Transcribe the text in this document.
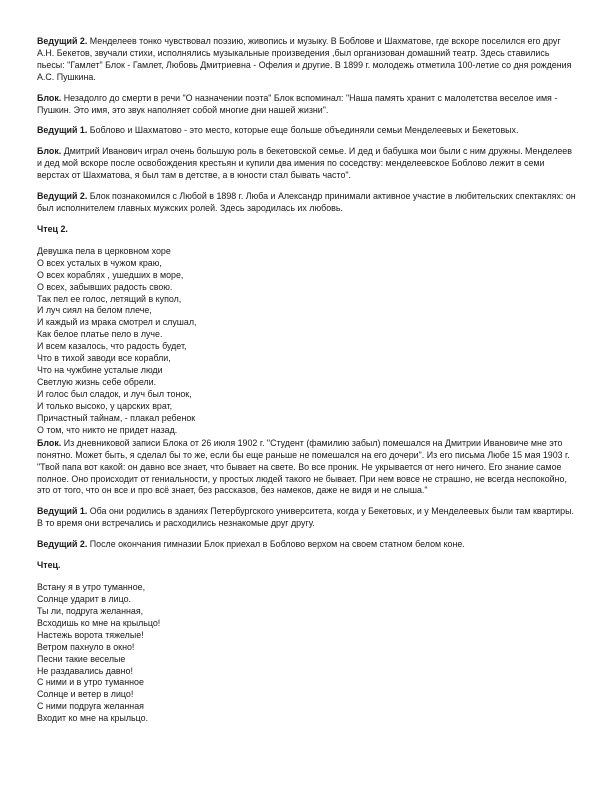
Ведущий 2. Менделеев тонко чувствовал поэзию, живопись и музыку. В Боблове и Шахматове, где вскоре поселился его друг А.Н. Бекетов, звучали стихи, исполнялись музыкальные произведения ,был организован домашний театр. Здесь ставились пьесы: "Гамлет" Блок - Гамлет, Любовь Дмитриевна - Офелия и другие. В 1899 г. молодежь отметила 100-летие со дня рождения А.С. Пушкина.

Блок. Незадолго до смерти в речи "О назначении поэта" Блок вспоминал: "Наша память хранит с малолетства веселое имя - Пушкин. Это имя, это звук наполняет собой многие дни нашей жизни".

Ведущий 1. Боблово и Шахматово - это место, которые еще больше объединяли семьи Менделеевых и Бекетовых.

Блок. Дмитрий Иванович играл очень большую роль в бекетовской семье. И дед и бабушка мои были с ним дружны. Менделеев и дед мой вскоре после освобождения крестьян и купили два имения по соседству: менделеевское Боблово лежит в семи верстах от Шахматова, я был там в детстве, а в юности стал бывать часто".

Ведущий 2. Блок познакомился с Любой в 1898 г. Люба и Александр принимали активное участие в любительских спектаклях: он был исполнителем главных мужских ролей. Здесь зародилась их любовь.

Чтец 2.

Девушка пела в церковном хоре
О всех усталых в чужом краю,
О всех кораблях , ушедших в море,
О всех, забывших радость свою.
Так пел ее голос, летящий в купол,
И луч сиял на белом плече,
И каждый из мрака смотрел и слушал,
Как белое платье пело в луче.
И всем казалось, что радость будет,
Что в тихой заводи все корабли,
Что на чужбине усталые люди
Светлую жизнь себе обрели.
И голос был сладок, и луч был тонок,
И только высоко, у царских врат,
Причастный тайнам, - плакал ребенок
О том, что никто не придет назад.

Блок. Из дневниковой записи Блока от 26 июля 1902 г. "Студент (фамилию забыл) помешался на Дмитрии Ивановиче мне это понятно. Может быть, я сделал бы то же, если бы еще раньше не помешался на его дочери". Из его письма Любе 15 мая 1903 г. "Твой папа вот какой: он давно все знает, что бывает на свете. Во все проник. Не укрывается от него ничего. Его знание самое полное. Оно происходит от гениальности, у простых людей такого не бывает. При нем вовсе не страшно, не всегда неспокойно, это от того, что он все и про всё знает, без рассказов, без намеков, даже не видя и не слыша."

Ведущий 1. Оба они родились в зданиях Петербургского университета, когда у Бекетовых, и у Менделеевых были там квартиры. В то время они встречались и расходились незнакомые друг другу.

Ведущий 2. После окончания гимназии Блок приехал в Боблово верхом на своем статном белом коне.

Чтец.

Встану я в утро туманное,
Солнце ударит в лицо.
Ты ли, подруга желанная,
Всходишь ко мне на крыльцо!
Настежь ворота тяжелые!
Ветром пахнуло в окно!
Песни такие веселые
Не раздавались давно!
С ними и в утро туманное
Солнце и ветер в лицо!
С ними подруга желанная
Входит ко мне на крыльцо.
